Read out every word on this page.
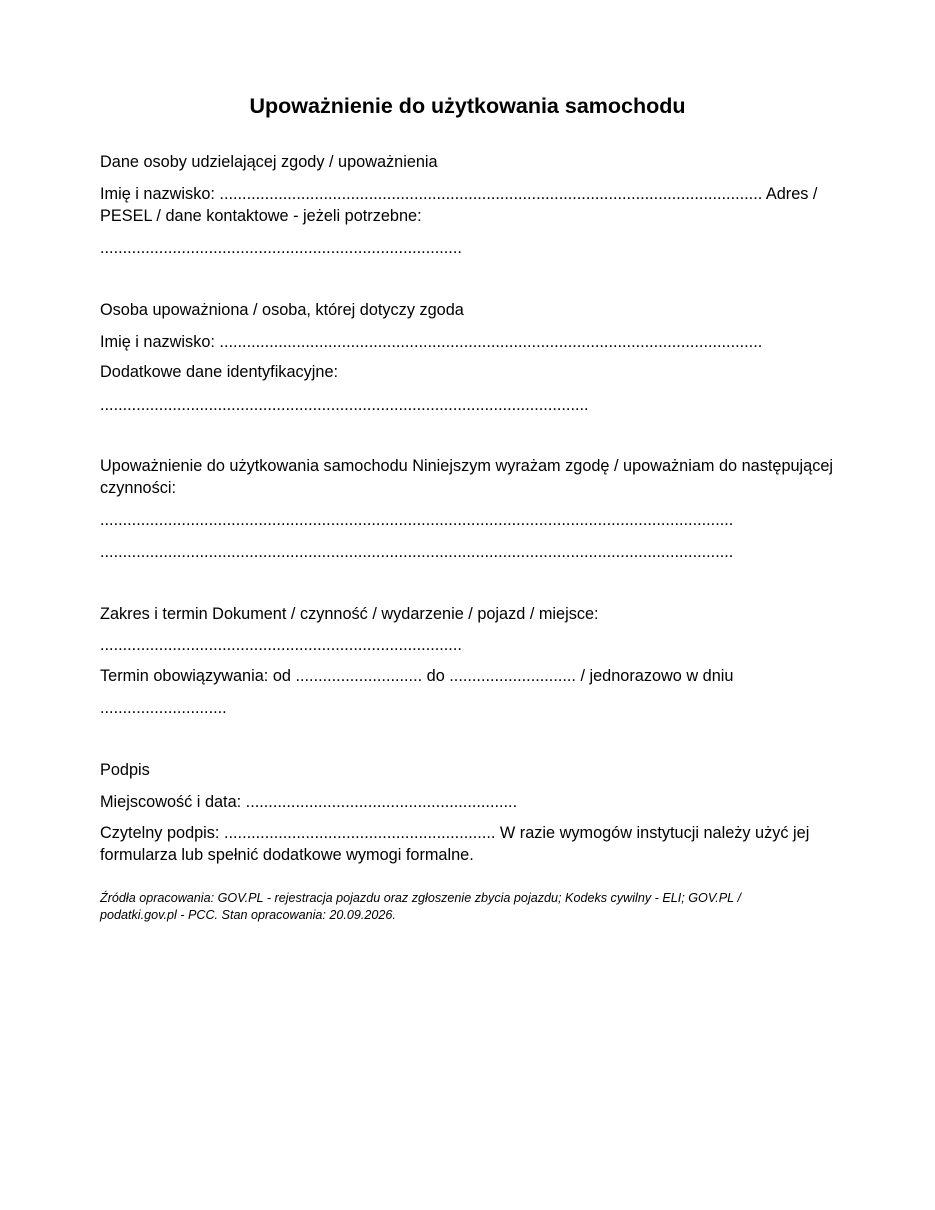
Upoważnienie do użytkowania samochodu

Dane osoby udzielającej zgody / upoważnienia

Imię i nazwisko: ........................................................................................................................ Adres / PESEL / dane kontaktowe - jeżeli potrzebne:

................................................................................

Osoba upoważniona / osoba, której dotyczy zgoda

Imię i nazwisko: ........................................................................................................................

Dodatkowe dane identyfikacyjne:

............................................................................................................

Upoważnienie do użytkowania samochodu Niniejszym wyrażam zgodę / upoważniam do następującej czynności:

............................................................................................................................................

............................................................................................................................................

Zakres i termin Dokument / czynność / wydarzenie / pojazd / miejsce:

................................................................................

Termin obowiązywania: od ............................ do ............................ / jednorazowo w dniu

............................

Podpis

Miejscowość i data: ............................................................

Czytelny podpis: ............................................................ W razie wymogów instytucji należy użyć jej formularza lub spełnić dodatkowe wymogi formalne.

Źródła opracowania: GOV.PL - rejestracja pojazdu oraz zgłoszenie zbycia pojazdu; Kodeks cywilny - ELI; GOV.PL / podatki.gov.pl - PCC. Stan opracowania: 20.09.2026.
